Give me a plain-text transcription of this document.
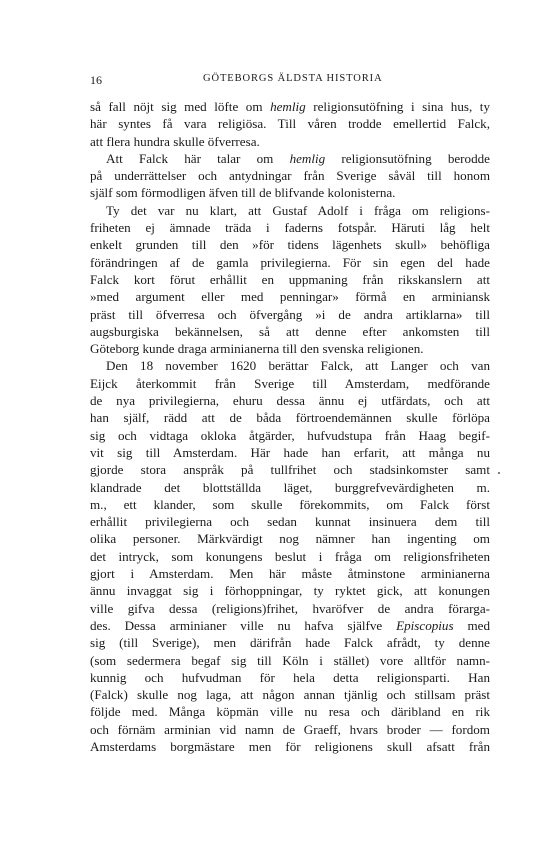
16	GÖTEBORGS ÄLDSTA HISTORIA
så fall nöjt sig med löfte om hemlig religionsutöfning i sina hus, ty
här syntes få vara religiösa. Till våren trodde emellertid Falck,
att flera hundra skulle öfverresa.
Att Falck här talar om hemlig religionsutöfning berodde
på underrättelser och antydningar från Sverige såväl till honom
själf som förmodligen äfven till de blifvande kolonisterna.
Ty det var nu klart, att Gustaf Adolf i fråga om religions-
friheten ej ämnade träda i faderns fotspår. Häruti låg helt
enkelt grunden till den »för tidens lägenhets skull» behöfliga
förändringen af de gamla privilegierna. För sin egen del hade
Falck kort förut erhållit en uppmaning från rikskanslern att
»med argument eller med penningar» förmå en arminiansk
präst till öfverresa och öfvergång »i de andra artiklarna» till
augsburgiska bekännelsen, så att denne efter ankomsten till
Göteborg kunde draga arminianerna till den svenska religionen.
Den 18 november 1620 berättar Falck, att Langer och van
Eijck återkommit från Sverige till Amsterdam, medförande
de nya privilegierna, ehuru dessa ännu ej utfärdats, och att
han själf, rädd att de båda förtroendemännen skulle förlöpa
sig och vidtaga okloka åtgärder, hufvudstupa från Haag begif-
vit sig till Amsterdam. Här hade han erfarit, att många nu
gjorde stora anspråk på tullfrihet och stadsinkomster samt
klandrade det blottställda läget, burggrefvevärdigheten m.
m., ett klander, som skulle förekommits, om Falck först
erhållit privilegierna och sedan kunnat insinuera dem till
olika personer. Märkvärdigt nog nämner han ingenting om
det intryck, som konungens beslut i fråga om religionsfriheten
gjort i Amsterdam. Men här måste åtminstone arminianerna
ännu invaggat sig i förhoppningar, ty ryktet gick, att konungen
ville gifva dessa (religions)frihet, hvaröfver de andra förarga-
des. Dessa arminianer ville nu hafva själfve Episcopius med
sig (till Sverige), men därifrån hade Falck afrådt, ty denne
(som sedermera begaf sig till Köln i stället) vore alltför namn-
kunnig och hufvudman för hela detta religionsparti. Han
(Falck) skulle nog laga, att någon annan tjänlig och stillsam präst
följde med. Många köpmän ville nu resa och däribland en rik
och förnäm arminian vid namn de Graeff, hvars broder — fordom
Amsterdams borgmästare men för religionens skull afsatt från
